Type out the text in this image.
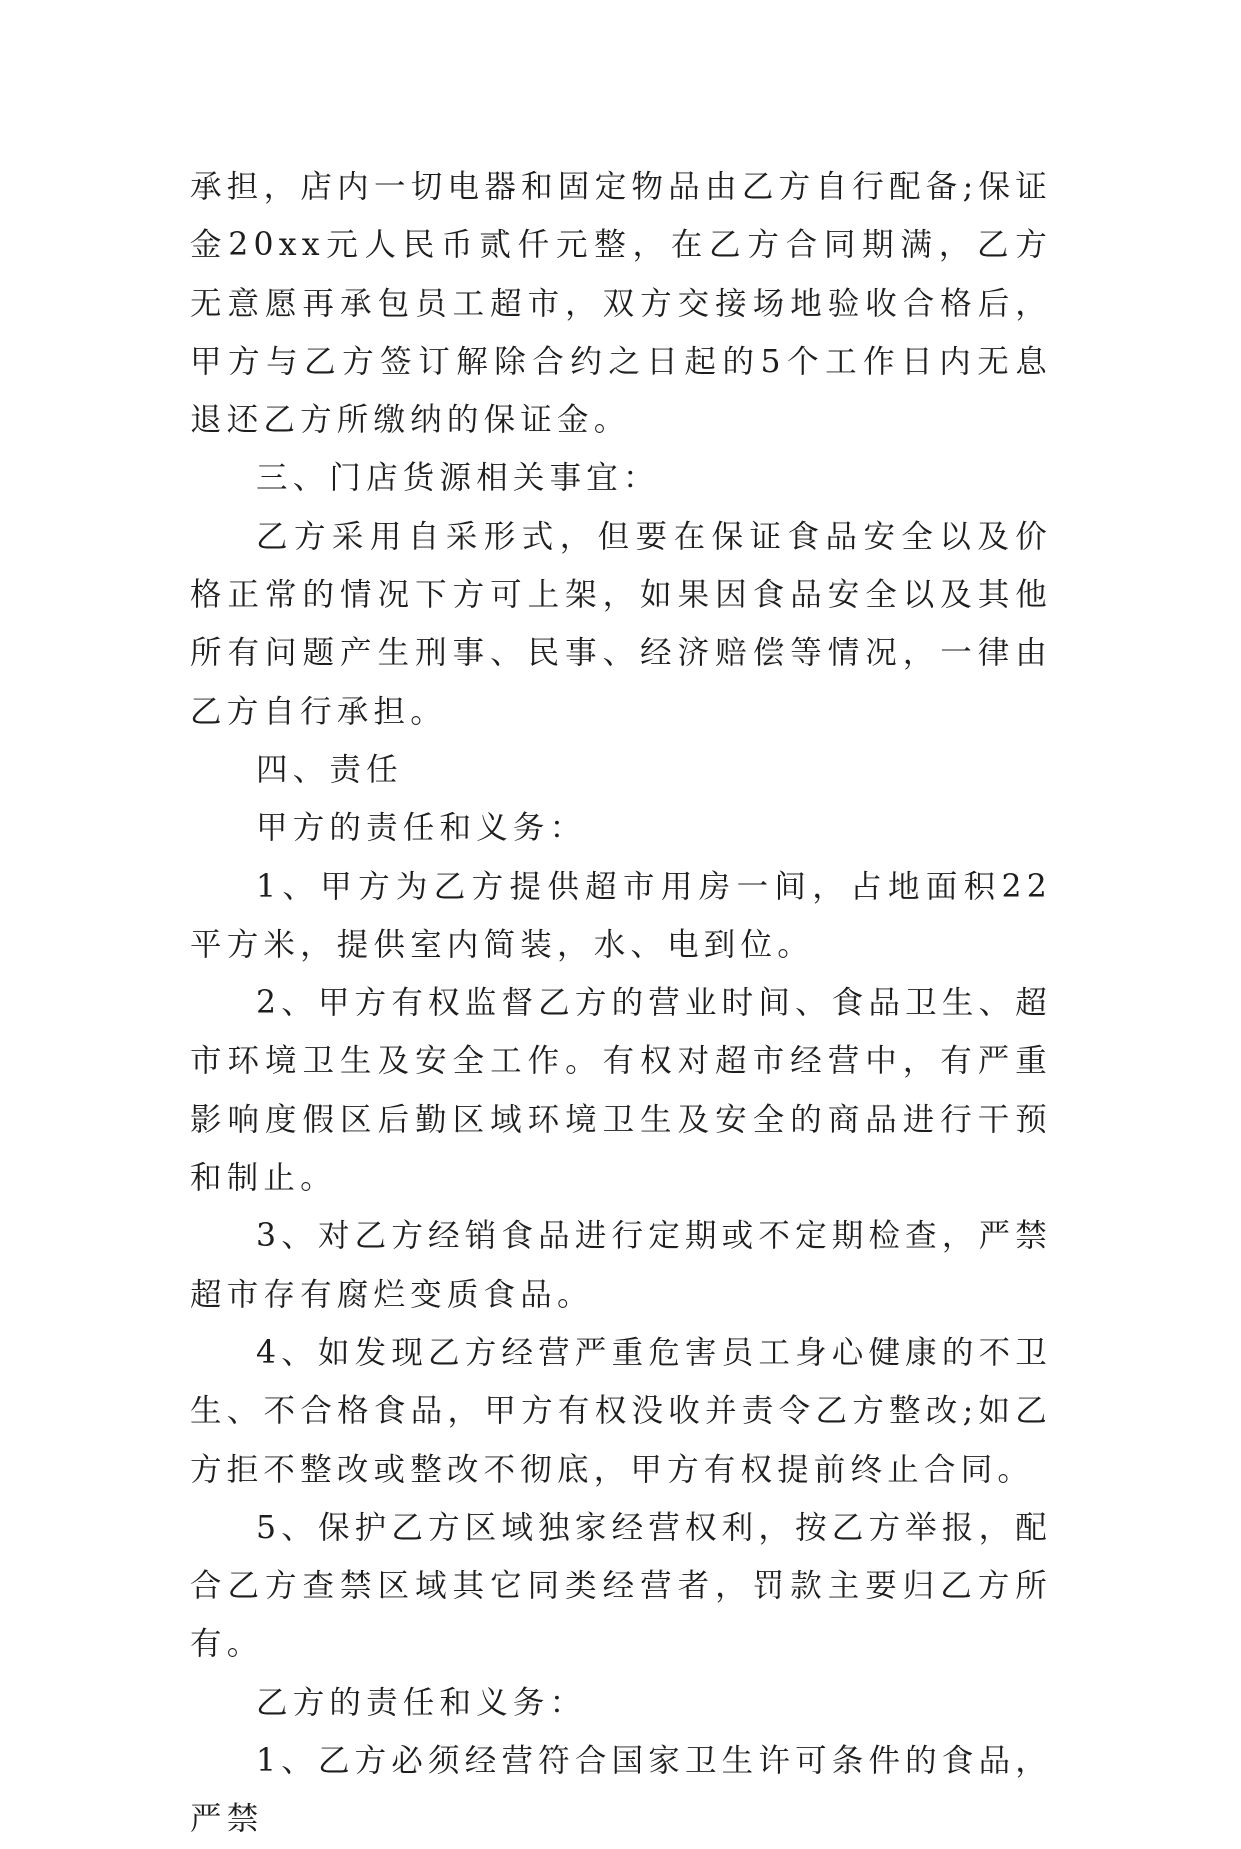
承担，店内一切电器和固定物品由乙方自行配备;保证金20xx元人民币贰仟元整，在乙方合同期满，乙方无意愿再承包员工超市，双方交接场地验收合格后，甲方与乙方签订解除合约之日起的5个工作日内无息退还乙方所缴纳的保证金。

三、门店货源相关事宜：

乙方采用自采形式，但要在保证食品安全以及价格正常的情况下方可上架，如果因食品安全以及其他所有问题产生刑事、民事、经济赔偿等情况，一律由乙方自行承担。

四、责任

甲方的责任和义务：

1、甲方为乙方提供超市用房一间，占地面积22平方米，提供室内简装，水、电到位。

2、甲方有权监督乙方的营业时间、食品卫生、超市环境卫生及安全工作。有权对超市经营中，有严重影响度假区后勤区域环境卫生及安全的商品进行干预和制止。

3、对乙方经销食品进行定期或不定期检查，严禁超市存有腐烂变质食品。

4、如发现乙方经营严重危害员工身心健康的不卫生、不合格食品，甲方有权没收并责令乙方整改;如乙方拒不整改或整改不彻底，甲方有权提前终止合同。

5、保护乙方区域独家经营权利，按乙方举报，配合乙方查禁区域其它同类经营者，罚款主要归乙方所有。

乙方的责任和义务：

1、乙方必须经营符合国家卫生许可条件的食品，严禁
